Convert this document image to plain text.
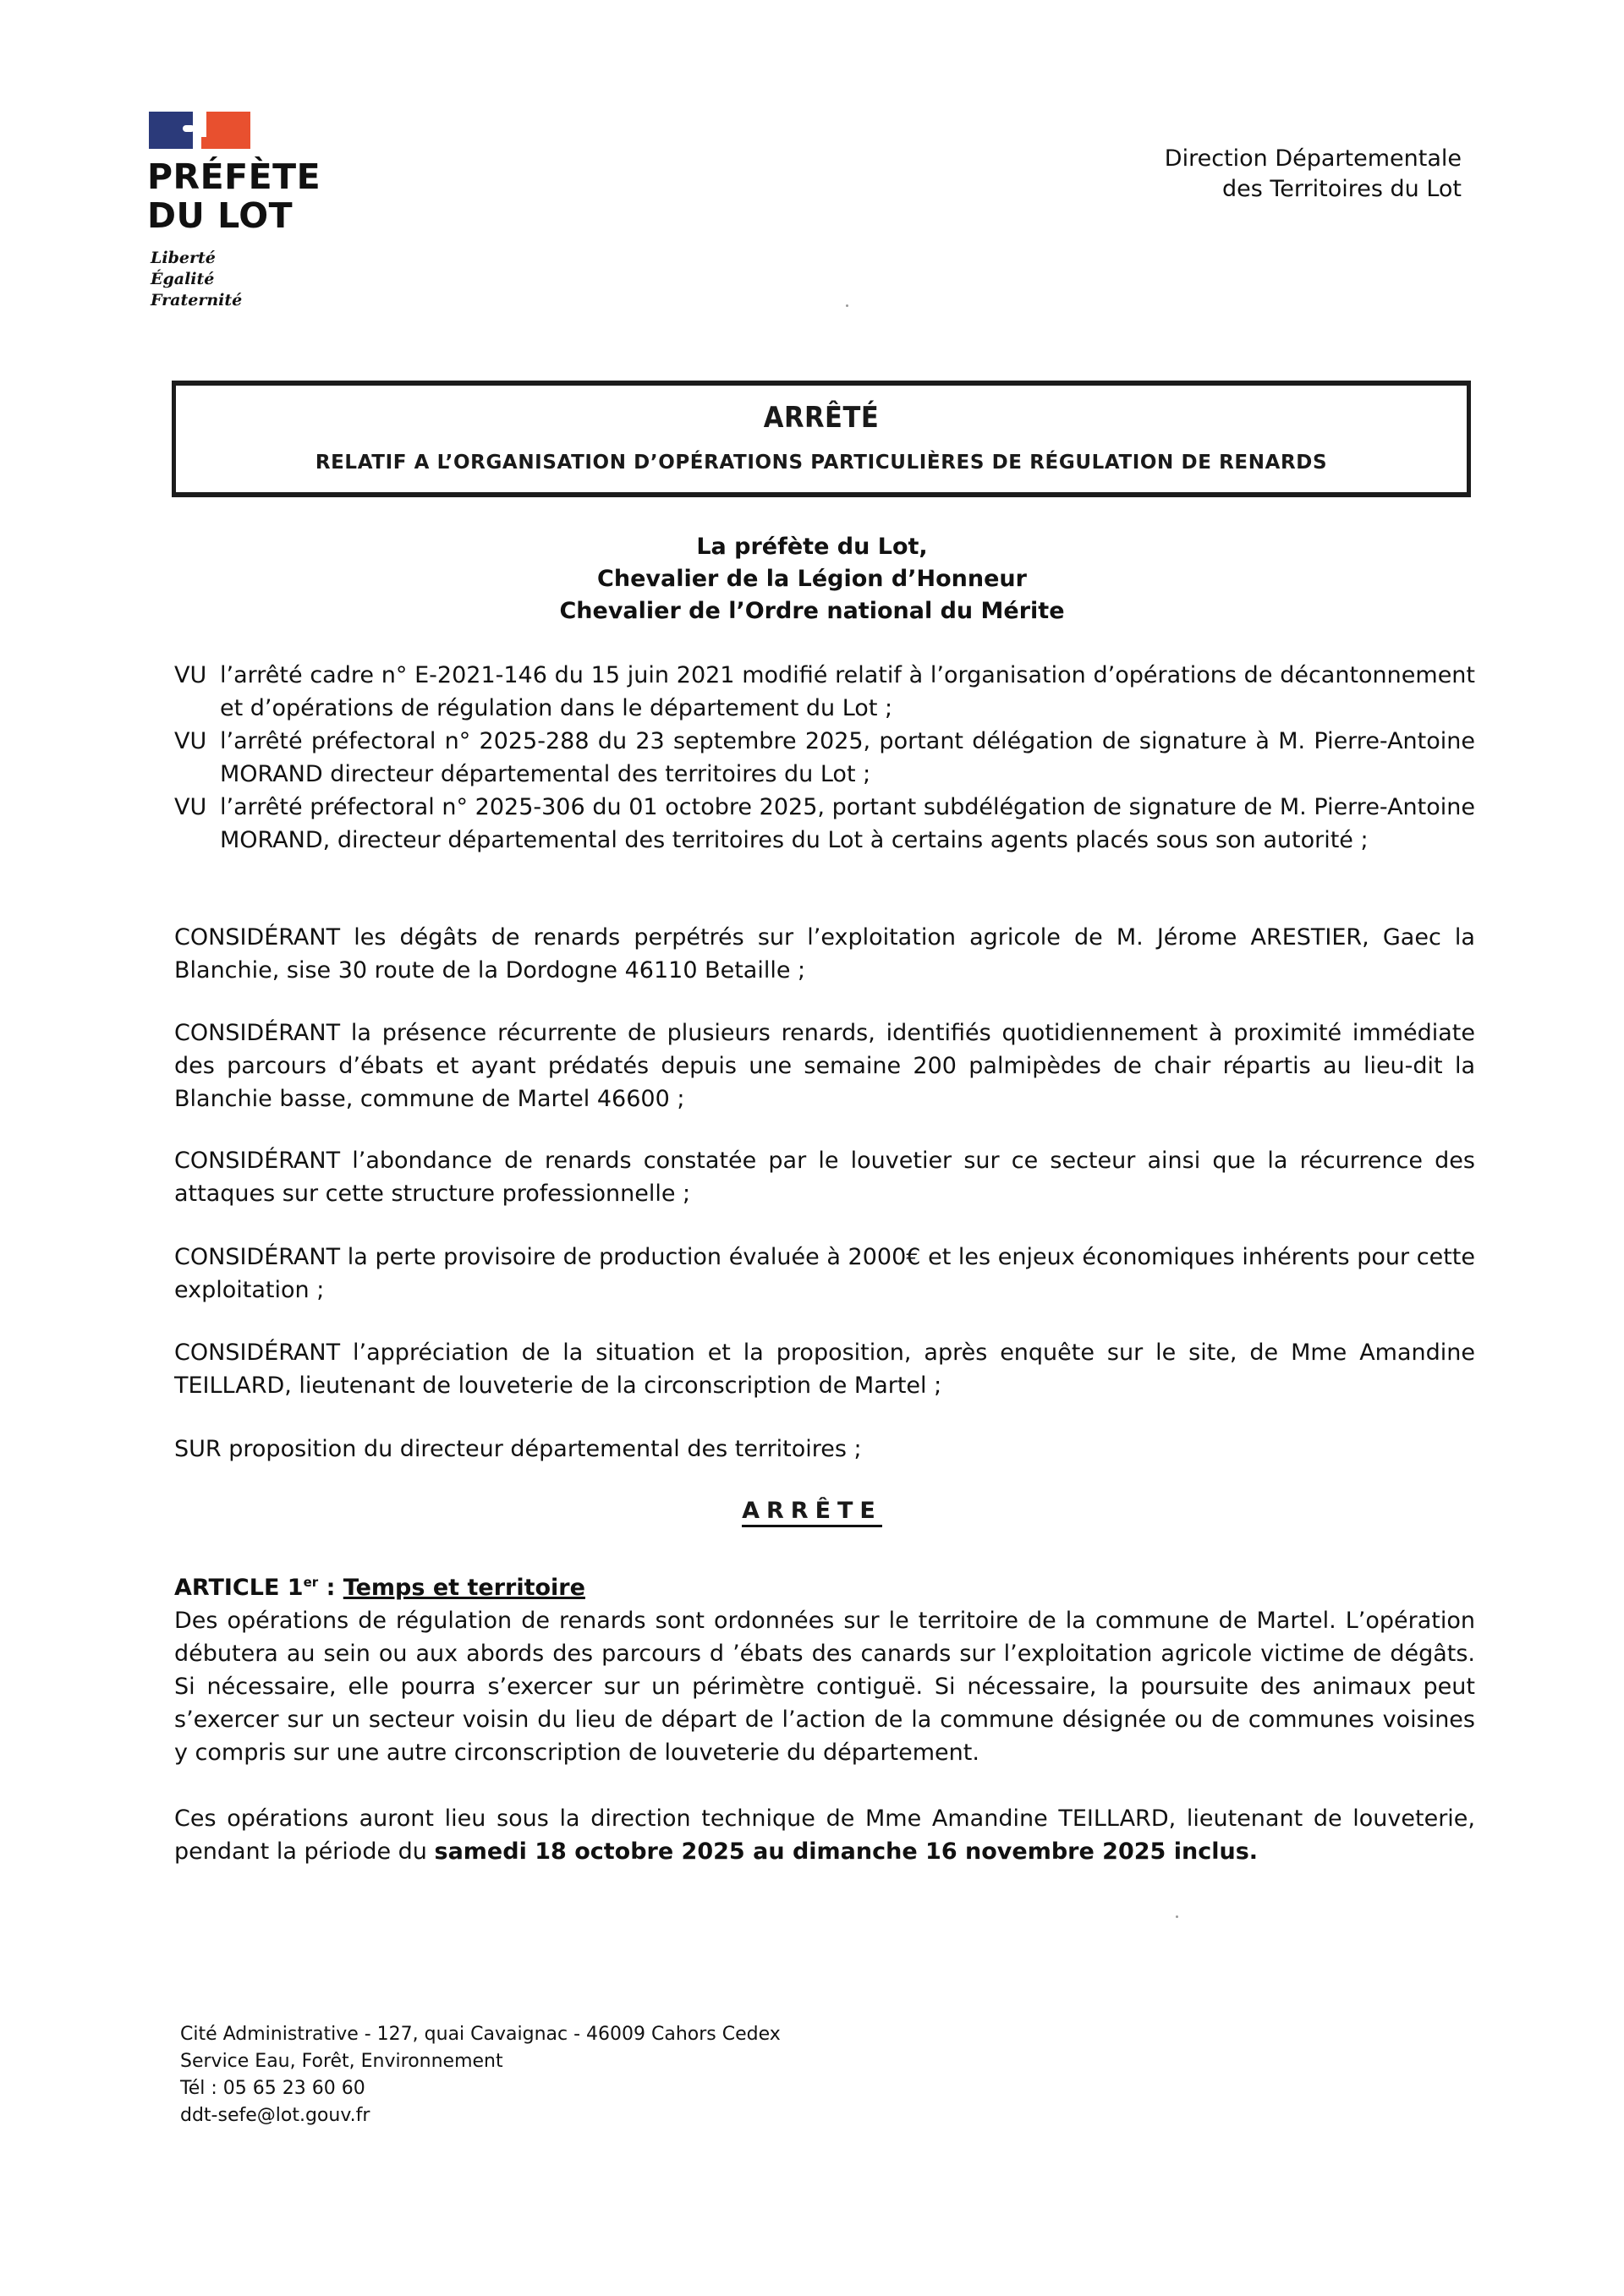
PRÉFÈTE
DU LOT
Liberté
Égalité
Fraternité
Direction Départementale
des Territoires du Lot
ARRÊTÉ
RELATIF A L’ORGANISATION D’OPÉRATIONS PARTICULIÈRES DE RÉGULATION DE RENARDS
La préfète du Lot,
Chevalier de la Légion d’Honneur
Chevalier de l’Ordre national du Mérite
VU l’arrêté cadre n° E-2021-146 du 15 juin 2021 modifié relatif à l’organisation d’opérations de décantonnement et d’opérations de régulation dans le département du Lot ;
VU l’arrêté préfectoral n° 2025-288 du 23 septembre 2025, portant délégation de signature à M. Pierre-Antoine MORAND directeur départemental des territoires du Lot ;
VU l’arrêté préfectoral n° 2025-306 du 01 octobre 2025, portant subdélégation de signature de M. Pierre-Antoine MORAND, directeur départemental des territoires du Lot à certains agents placés sous son autorité ;
CONSIDÉRANT les dégâts de renards perpétrés sur l’exploitation agricole de M. Jérome ARESTIER, Gaec la Blanchie, sise 30 route de la Dordogne 46110 Betaille ;
CONSIDÉRANT la présence récurrente de plusieurs renards, identifiés quotidiennement à proximité immédiate des parcours d’ébats et ayant prédatés depuis une semaine 200 palmipèdes de chair répartis au lieu-dit la Blanchie basse, commune de Martel 46600 ;
CONSIDÉRANT l’abondance de renards constatée par le louvetier sur ce secteur ainsi que la récurrence des attaques sur cette structure professionnelle ;
CONSIDÉRANT la perte provisoire de production évaluée à 2000€ et les enjeux économiques inhérents pour cette exploitation ;
CONSIDÉRANT l’appréciation de la situation et la proposition, après enquête sur le site, de Mme Amandine TEILLARD, lieutenant de louveterie de la circonscription de Martel ;
SUR proposition du directeur départemental des territoires ;
ARRÊTE
ARTICLE 1er : Temps et territoire
Des opérations de régulation de renards sont ordonnées sur le territoire de la commune de Martel. L’opération débutera au sein ou aux abords des parcours d ’ébats des canards sur l’exploitation agricole victime de dégâts. Si nécessaire, elle pourra s’exercer sur un périmètre contiguë. Si nécessaire, la poursuite des animaux peut s’exercer sur un secteur voisin du lieu de départ de l’action de la commune désignée ou de communes voisines y compris sur une autre circonscription de louveterie du département.
Ces opérations auront lieu sous la direction technique de Mme Amandine TEILLARD, lieutenant de louveterie, pendant la période du samedi 18 octobre 2025 au dimanche 16 novembre 2025 inclus.
Cité Administrative - 127, quai Cavaignac - 46009 Cahors Cedex
Service Eau, Forêt, Environnement
Tél : 05 65 23 60 60
ddt-sefe@lot.gouv.fr
